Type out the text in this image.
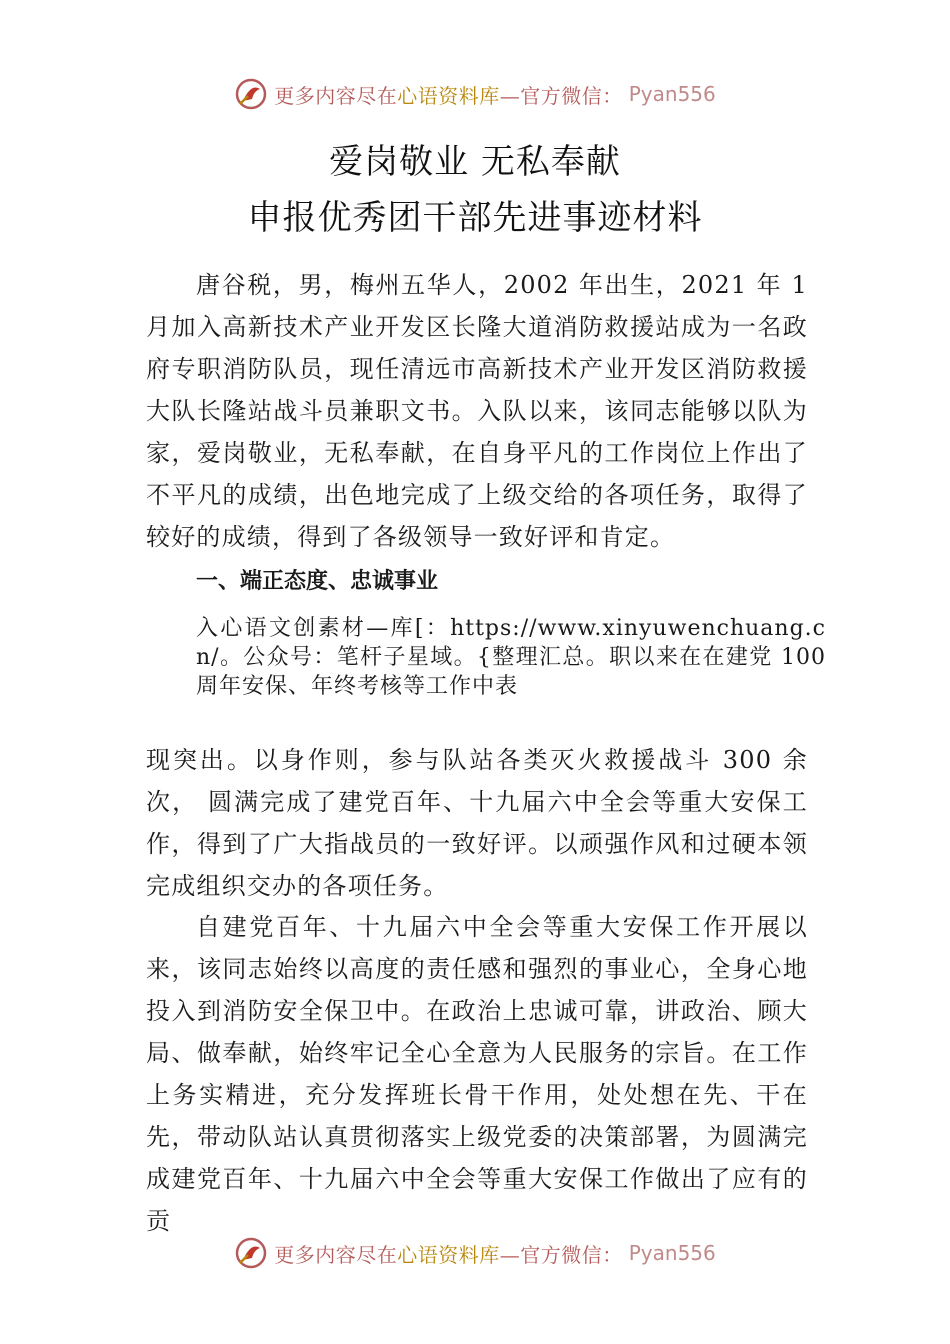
更多内容尽在心语资料库—官方微信： Pyan556
爱岗敬业 无私奉献
申报优秀团干部先进事迹材料

唐谷税，男，梅州五华人，2002 年出生，2021 年 1月加入高新技术产业开发区长隆大道消防救援站成为一名政府专职消防队员，现任清远市高新技术产业开发区消防救援大队长隆站战斗员兼职文书。入队以来，该同志能够以队为家，爱岗敬业，无私奉献，在自身平凡的工作岗位上作出了不平凡的成绩，出色地完成了上级交给的各项任务，取得了较好的成绩，得到了各级领导一致好评和肯定。

一、端正态度、忠诚事业

入心语文创素材—库[：https://www.xinyuwenchuang.cn/。公众号：笔杆子星域。{整理汇总。职以来在在建党 100 周年安保、年终考核等工作中表

现突出。以身作则，参与队站各类灭火救援战斗 300 余次， 圆满完成了建党百年、十九届六中全会等重大安保工作，得到了广大指战员的一致好评。以顽强作风和过硬本领完成组织交办的各项任务。

自建党百年、十九届六中全会等重大安保工作开展以来，该同志始终以高度的责任感和强烈的事业心，全身心地投入到消防安全保卫中。在政治上忠诚可靠，讲政治、顾大局、做奉献，始终牢记全心全意为人民服务的宗旨。在工作上务实精进，充分发挥班长骨干作用，处处想在先、干在先，带动队站认真贯彻落实上级党委的决策部署，为圆满完成建党百年、十九届六中全会等重大安保工作做出了应有的贡

更多内容尽在心语资料库—官方微信： Pyan556
